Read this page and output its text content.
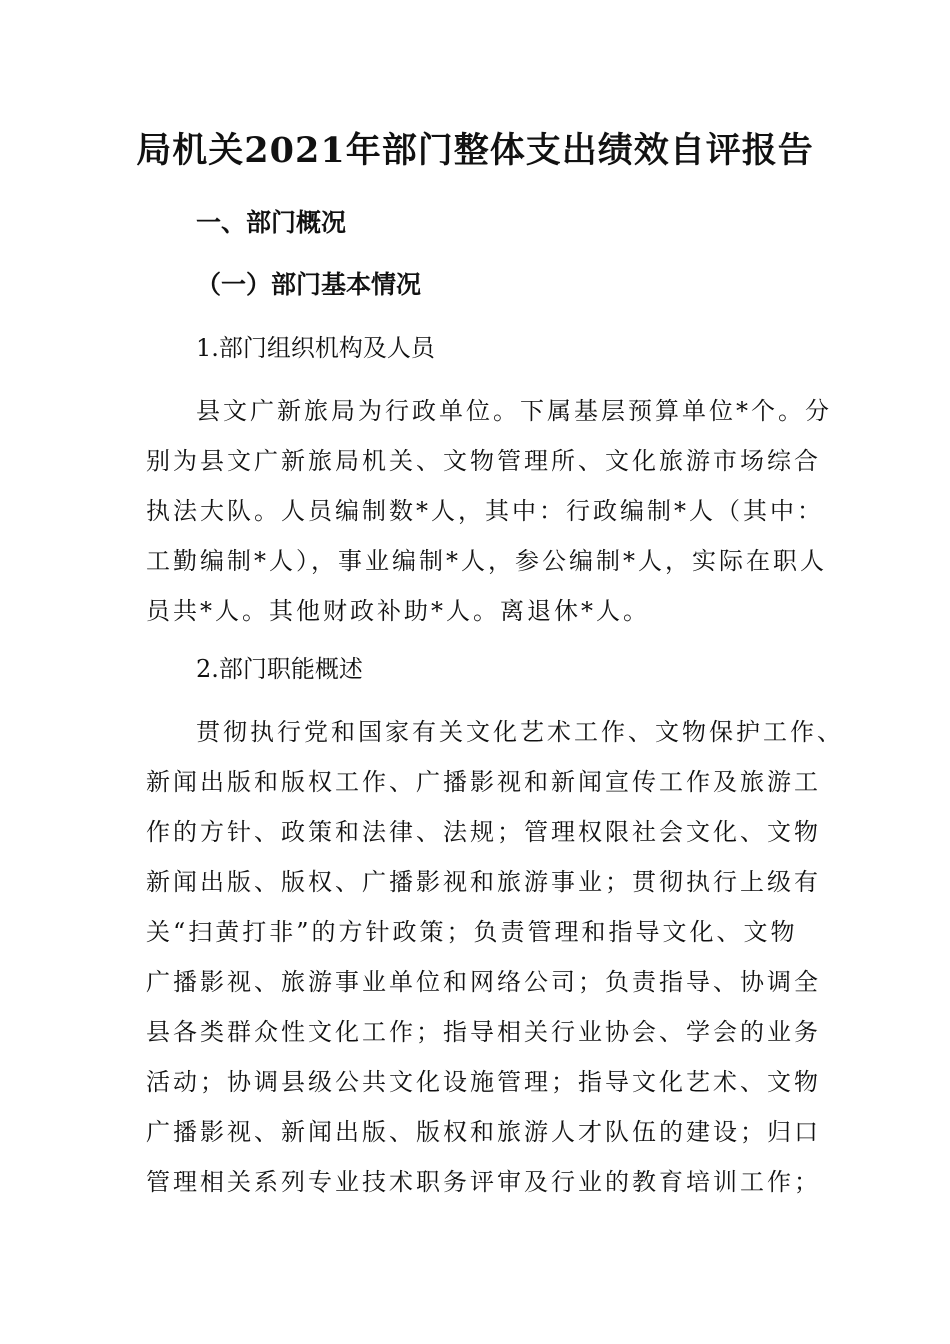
局机关2021年部门整体支出绩效自评报告
一、部门概况
（一）部门基本情况
1.部门组织机构及人员
县文广新旅局为行政单位。下属基层预算单位*个。分
别为县文广新旅局机关、文物管理所、文化旅游市场综合
执法大队。人员编制数*人，其中：行政编制*人（其中：
工勤编制*人），事业编制*人，参公编制*人，实际在职人
员共*人。其他财政补助*人。离退休*人。
2.部门职能概述
贯彻执行党和国家有关文化艺术工作、文物保护工作、
新闻出版和版权工作、广播影视和新闻宣传工作及旅游工
作的方针、政策和法律、法规；管理权限社会文化、文物
新闻出版、版权、广播影视和旅游事业；贯彻执行上级有
关“扫黄打非”的方针政策；负责管理和指导文化、文物
广播影视、旅游事业单位和网络公司；负责指导、协调全
县各类群众性文化工作；指导相关行业协会、学会的业务
活动；协调县级公共文化设施管理；指导文化艺术、文物
广播影视、新闻出版、版权和旅游人才队伍的建设；归口
管理相关系列专业技术职务评审及行业的教育培训工作；
